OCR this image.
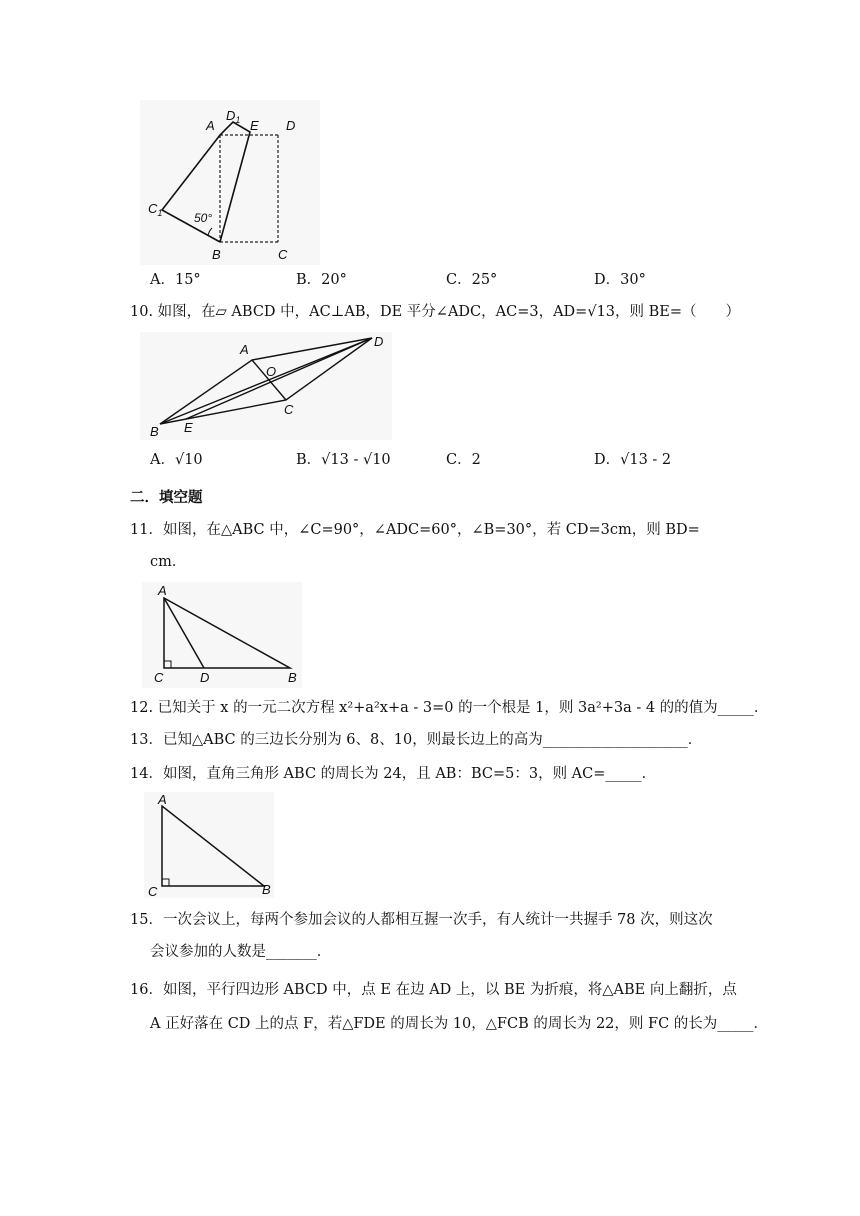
A
$D_1$ E D
$C_1$	50°
B	C
A．15°	B．20°	C．25°	D．30°
10. 如图，在▱ ABCD 中，AC⊥AB，DE 平分∠ADC，AC=3，AD=√13，则 BE=（　　）
A
D
O
C
B E
A．√10	B．√13 - √10	C．2	D．√13 - 2
二．填空题
11．如图，在△ABC 中，∠C=90°，∠ADC=60°，∠B=30°，若 CD=3cm，则 BD=
cm．
A
C	D	B
12. 已知关于 x 的一元二次方程 x²+a²x+a - 3=0 的一个根是 1，则 3a²+3a - 4 的的值为_____．
13．已知△ABC 的三边长分别为 6、8、10，则最长边上的高为____________________．
14．如图，直角三角形 ABC 的周长为 24，且 AB：BC=5：3，则 AC=_____．
A
C	B
15．一次会议上，每两个参加会议的人都相互握一次手，有人统计一共握手 78 次，则这次
会议参加的人数是_______．
16．如图，平行四边形 ABCD 中，点 E 在边 AD 上，以 BE 为折痕，将△ABE 向上翻折，点
A 正好落在 CD 上的点 F，若△FDE 的周长为 10，△FCB 的周长为 22，则 FC 的长为_____．
